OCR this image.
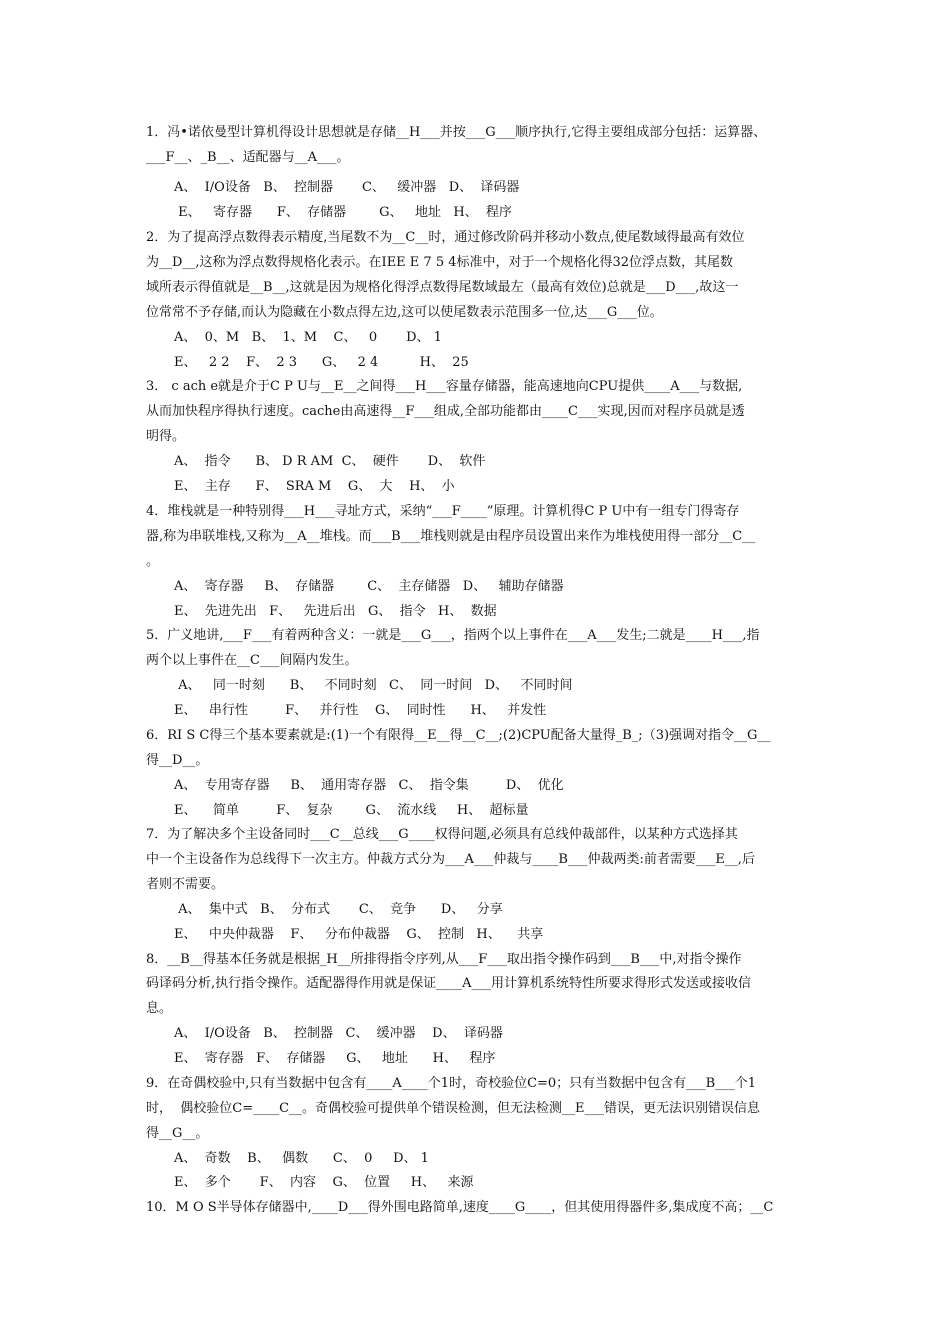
1．冯•诺依曼型计算机得设计思想就是存储__H___并按___G___顺序执行,它得主要组成部分包括：运算器、
___F__、_B__、适配器与__A___。
A、  I/O设备   B、  控制器       C、   缓冲器   D、  译码器
E、   寄存器      F、  存储器        G、   地址   H、  程序
2．为了提高浮点数得表示精度,当尾数不为__C__时，通过修改阶码并移动小数点,使尾数域得最高有效位
为__D__,这称为浮点数得规格化表示。在IEE E 7 5 4标准中，对于一个规格化得32位浮点数，其尾数
域所表示得值就是__B__,这就是因为规格化得浮点数得尾数域最左（最高有效位)总就是___D___,故这一
位常常不予存储,而认为隐藏在小数点得左边,这可以使尾数表示范围多一位,达___G___位。
A、  0、M   B、  1、M    C、   0       D、 1
E、   2 2    F、  2 3      G、   2 4          H、  25
3． c ach e就是介于C P U与__E__之间得___H___容量存储器，能高速地向CPU提供____A___与数据,
从而加快程序得执行速度。cache由高速得__F___组成,全部功能都由____C___实现,因而对程序员就是透
明得。
A、  指令      B、 D R AM  C、  硬件       D、  软件
E、  主存      F、  SRA M    G、  大    H、  小
4．堆栈就是一种特别得___H___寻址方式，采纳“___F____”原理。计算机得C P U中有一组专门得寄存
器,称为串联堆栈,又称为__A__堆栈。而___B___堆栈则就是由程序员设置出来作为堆栈使用得一部分__C__
。
A、  寄存器     B、  存储器        C、  主存储器   D、   辅助存储器
E、  先进先出   F、   先进后出   G、  指令   H、  数据
5．广义地讲,___F___有着两种含义：一就是___G___，指两个以上事件在___A___发生;二就是____H___,指
两个以上事件在__C___间隔内发生。
A、   同一时刻      B、   不同时刻   C、  同一时间   D、   不同时间
E、   串行性         F、   并行性    G、  同时性      H、   并发性
6．RI S C得三个基本要素就是:(1)一个有限得__E__得__C__;(2)CPU配备大量得_B_;（3)强调对指令__G__
得__D__。
A、  专用寄存器     B、  通用寄存器   C、  指令集         D、  优化
E、    简单         F、  复杂        G、  流水线     H、  超标量
7．为了解决多个主设备同时___C__总线___G____权得问题,必须具有总线仲裁部件，以某种方式选择其
中一个主设备作为总线得下一次主方。仲裁方式分为___A___仲裁与____B___仲裁两类:前者需要___E__,后
者则不需要。
A、  集中式   B、  分布式       C、  竞争      D、   分享
E、   中央仲裁器    F、   分布仲裁器    G、  控制   H、    共享
8．__B__得基本任务就是根据_H__所排得指令序列,从___F___取出指令操作码到___B___中,对指令操作
码译码分析,执行指令操作。适配器得作用就是保证____A___用计算机系统特性所要求得形式发送或接收信
息。
A、  I/O设备   B、  控制器   C、  缓冲器    D、  译码器
E、  寄存器   F、  存储器     G、   地址      H、   程序
9．在奇偶校验中,只有当数据中包含有____A____个1时，奇校验位C=0；只有当数据中包含有___B___个1
时，  偶校验位C=____C__。奇偶校验可提供单个错误检测，但无法检测__E___错误，更无法识别错误信息
得__G__。
A、  奇数    B、   偶数      C、  0     D、 1
E、  多个       F、  内容    G、  位置     H、   来源
10．M O S半导体存储器中,____D___得外围电路简单,速度____G____，但其使用得器件多,集成度不高；__C
